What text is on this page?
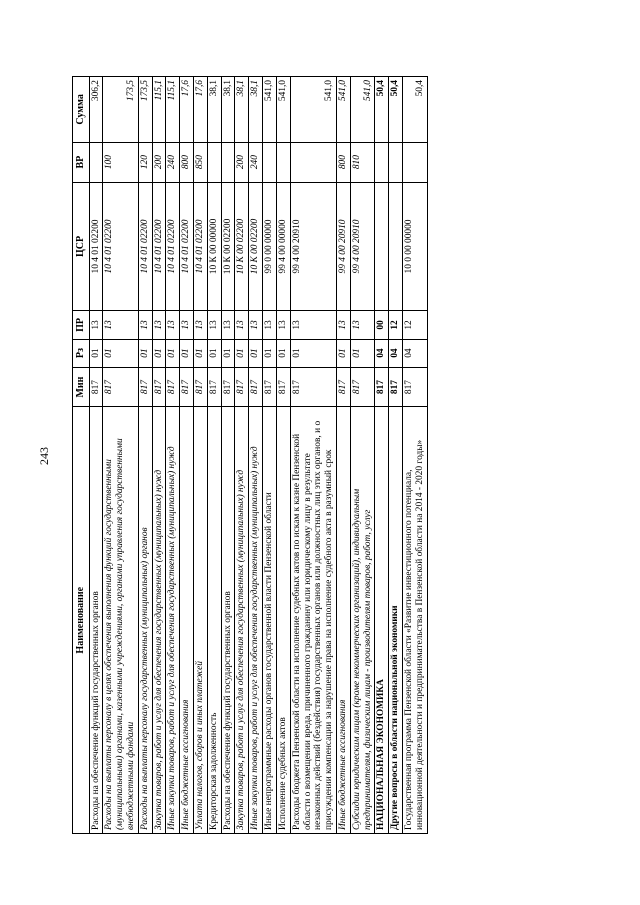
243
Наименование	Мин	Рз	ПР	ЦСР	ВР	Сумма
Расходы на обеспечение функций государственных органов	817	01	13	10 4 01 02200		306,2
Расходы на выплаты персоналу в целях обеспечения выполнения функций государственными (муниципальными) органами, казенными учреждениями, органами управления государственными внебюджетными фондами	817	01	13	10 4 01 02200	100	173,5
Расходы на выплаты персоналу государственных (муниципальных) органов	817	01	13	10 4 01 02200	120	173,5
Закупка товаров, работ и услуг для обеспечения государственных (муниципальных) нужд	817	01	13	10 4 01 02200	200	115,1
Иные закупки товаров, работ и услуг для обеспечения государственных (муниципальных) нужд	817	01	13	10 4 01 02200	240	115,1
Иные бюджетные ассигнования	817	01	13	10 4 01 02200	800	17,6
Уплата налогов, сборов и иных платежей	817	01	13	10 4 01 02200	850	17,6
Кредиторская задолженность	817	01	13	10 К 00 00000		38,1
Расходы на обеспечение функций государственных органов	817	01	13	10 К 00 02200		38,1
Закупка товаров, работ и услуг для обеспечения государственных (муниципальных) нужд	817	01	13	10 К 00 02200	200	38,1
Иные закупки товаров, работ и услуг для обеспечения государственных (муниципальных) нужд	817	01	13	10 К 00 02200	240	38,1
Иные непрограммные расходы органов государственной власти Пензенской области	817	01	13	99 0 00 00000		541,0
Исполнение судебных актов	817	01	13	99 4 00 00000		541,0
Расходы бюджета Пензенской области на исполнение судебных актов по искам к казне Пензенской области о возмещении вреда, причиненного гражданину или юридическому лицу в результате незаконных действий (бездействия) государственных органов или должностных лиц этих органов, и о присуждении компенсации за нарушение права на исполнение судебного акта в разумный срок	817	01	13	99 4 00 20910		541,0
Иные бюджетные ассигнования	817	01	13	99 4 00 20910	800	541,0
Субсидии юридическим лицам (кроме некоммерческих организаций), индивидуальным предпринимателям, физическим лицам - производителям товаров, работ, услуг	817	01	13	99 4 00 20910	810	541,0
НАЦИОНАЛЬНАЯ ЭКОНОМИКА	817	04	00			50,4
Другие вопросы в области национальной экономики	817	04	12			50,4
Государственная программа Пензенской области «Развитие инвестиционного потенциала, инновационной деятельности и предпринимательства в Пензенской области на 2014 - 2020 годы»	817	04	12	10 0 00 00000		50,4
